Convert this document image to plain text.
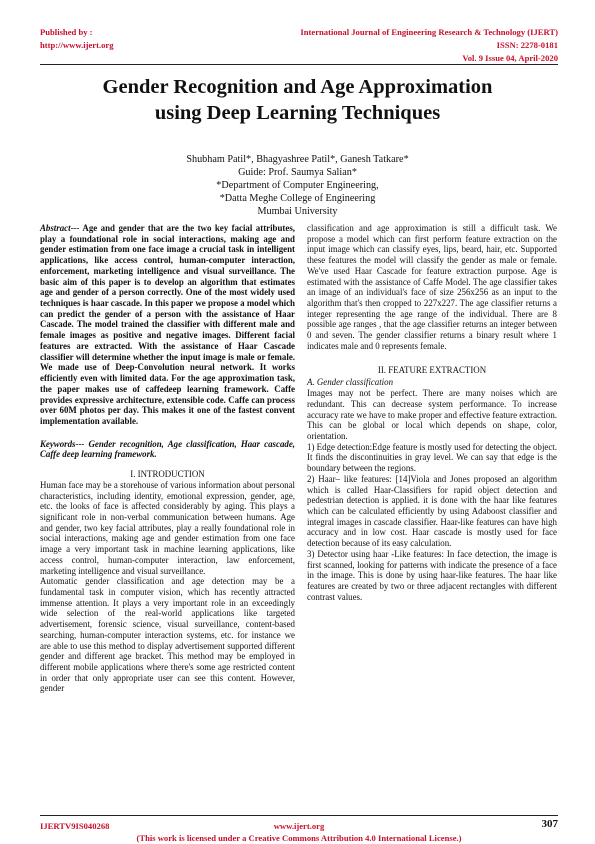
Published by :
http://www.ijert.org
International Journal of Engineering Research & Technology (IJERT)
ISSN: 2278-0181
Vol. 9 Issue 04, April-2020
Gender Recognition and Age Approximation
using Deep Learning Techniques
Shubham Patil*, Bhagyashree Patil*, Ganesh Tatkare*
Guide: Prof. Saumya Salian*
*Department of Computer Engineering,
*Datta Meghe College of Engineering
Mumbai University

Abstract--- Age and gender that are the two key facial attributes, play a foundational role in social interactions, making age and gender estimation from one face image a crucial task in intelligent applications, like access control, human-computer interaction, enforcement, marketing intelligence and visual surveillance. The basic aim of this paper is to develop an algorithm that estimates age and gender of a person correctly. One of the most widely used techniques is haar cascade. In this paper we propose a model which can predict the gender of a person with the assistance of Haar Cascade. The model trained the classifier with different male and female images as positive and negative images. Different facial features are extracted. With the assistance of Haar Cascade classifier will determine whether the input image is male or female. We made use of Deep-Convolution neural network. It works efficiently even with limited data. For the age approximation task, the paper makes use of caffedeep learning framework. Caffe provides expressive architecture, extensible code. Caffe can process over 60M photos per day. This makes it one of the fastest convent implementation available.

Keywords--- Gender recognition, Age classification, Haar cascade, Caffe deep learning framework.

I. INTRODUCTION

Human face may be a storehouse of various information about personal characteristics, including identity, emotional expression, gender, age, etc. the looks of face is affected considerably by aging. This plays a significant role in non-verbal communication between humans. Age and gender, two key facial attributes, play a really foundational role in social interactions, making age and gender estimation from one face image a very important task in machine learning applications, like access control, human-computer interaction, law enforcement, marketing intelligence and visual surveillance.

Automatic gender classification and age detection may be a fundamental task in computer vision, which has recently attracted immense attention. It plays a very important role in an exceedingly wide selection of the real-world applications like targeted advertisement, forensic science, visual surveillance, content-based searching, human-computer interaction systems, etc. for instance we are able to use this method to display advertisement supported different gender and different age bracket. This method may be employed in different mobile applications where there's some age restricted content in order that only appropriate user can see this content. However, gender

classification and age approximation is still a difficult task. We propose a model which can first perform feature extraction on the input image which can classify eyes, lips, beard, hair, etc. Supported these features the model will classify the gender as male or female. We've used Haar Cascade for feature extraction purpose. Age is estimated with the assistance of Caffe Model. The age classifier takes an image of an individual's face of size 256x256 as an input to the algorithm that's then cropped to 227x227. The age classifier returns a integer representing the age range of the individual. There are 8 possible age ranges , that the age classifier returns an integer between 0 and seven. The gender classifier returns a binary result where 1 indicates male and 0 represents female.

II. FEATURE EXTRACTION

A. Gender classification

Images may not be perfect. There are many noises which are redundant. This can decrease system performance. To increase accuracy rate we have to make proper and effective feature extraction. This can be global or local which depends on shape, color, orientation.

1) Edge detection:Edge feature is mostly used for detecting the object. It finds the discontinuities in gray level. We can say that edge is the boundary between the regions.

2) Haar– like features: [14]Viola and Jones proposed an algorithm which is called Haar-Classifiers for rapid object detection and pedestrian detection is applied. it is done with the haar like features which can be calculated efficiently by using Adaboost classifier and integral images in cascade classifier. Haar-like features can have high accuracy and in low cost. Haar cascade is mostly used for face detection because of its easy calculation.

3) Detector using haar -Like features: In face detection, the image is first scanned, looking for patterns with indicate the presence of a face in the image. This is done by using haar-like features. The haar like features are created by two or three adjacent rectangles with different contrast values.

IJERTV9IS040268	www.ijert.org
(This work is licensed under a Creative Commons Attribution 4.0 International License.)
307
